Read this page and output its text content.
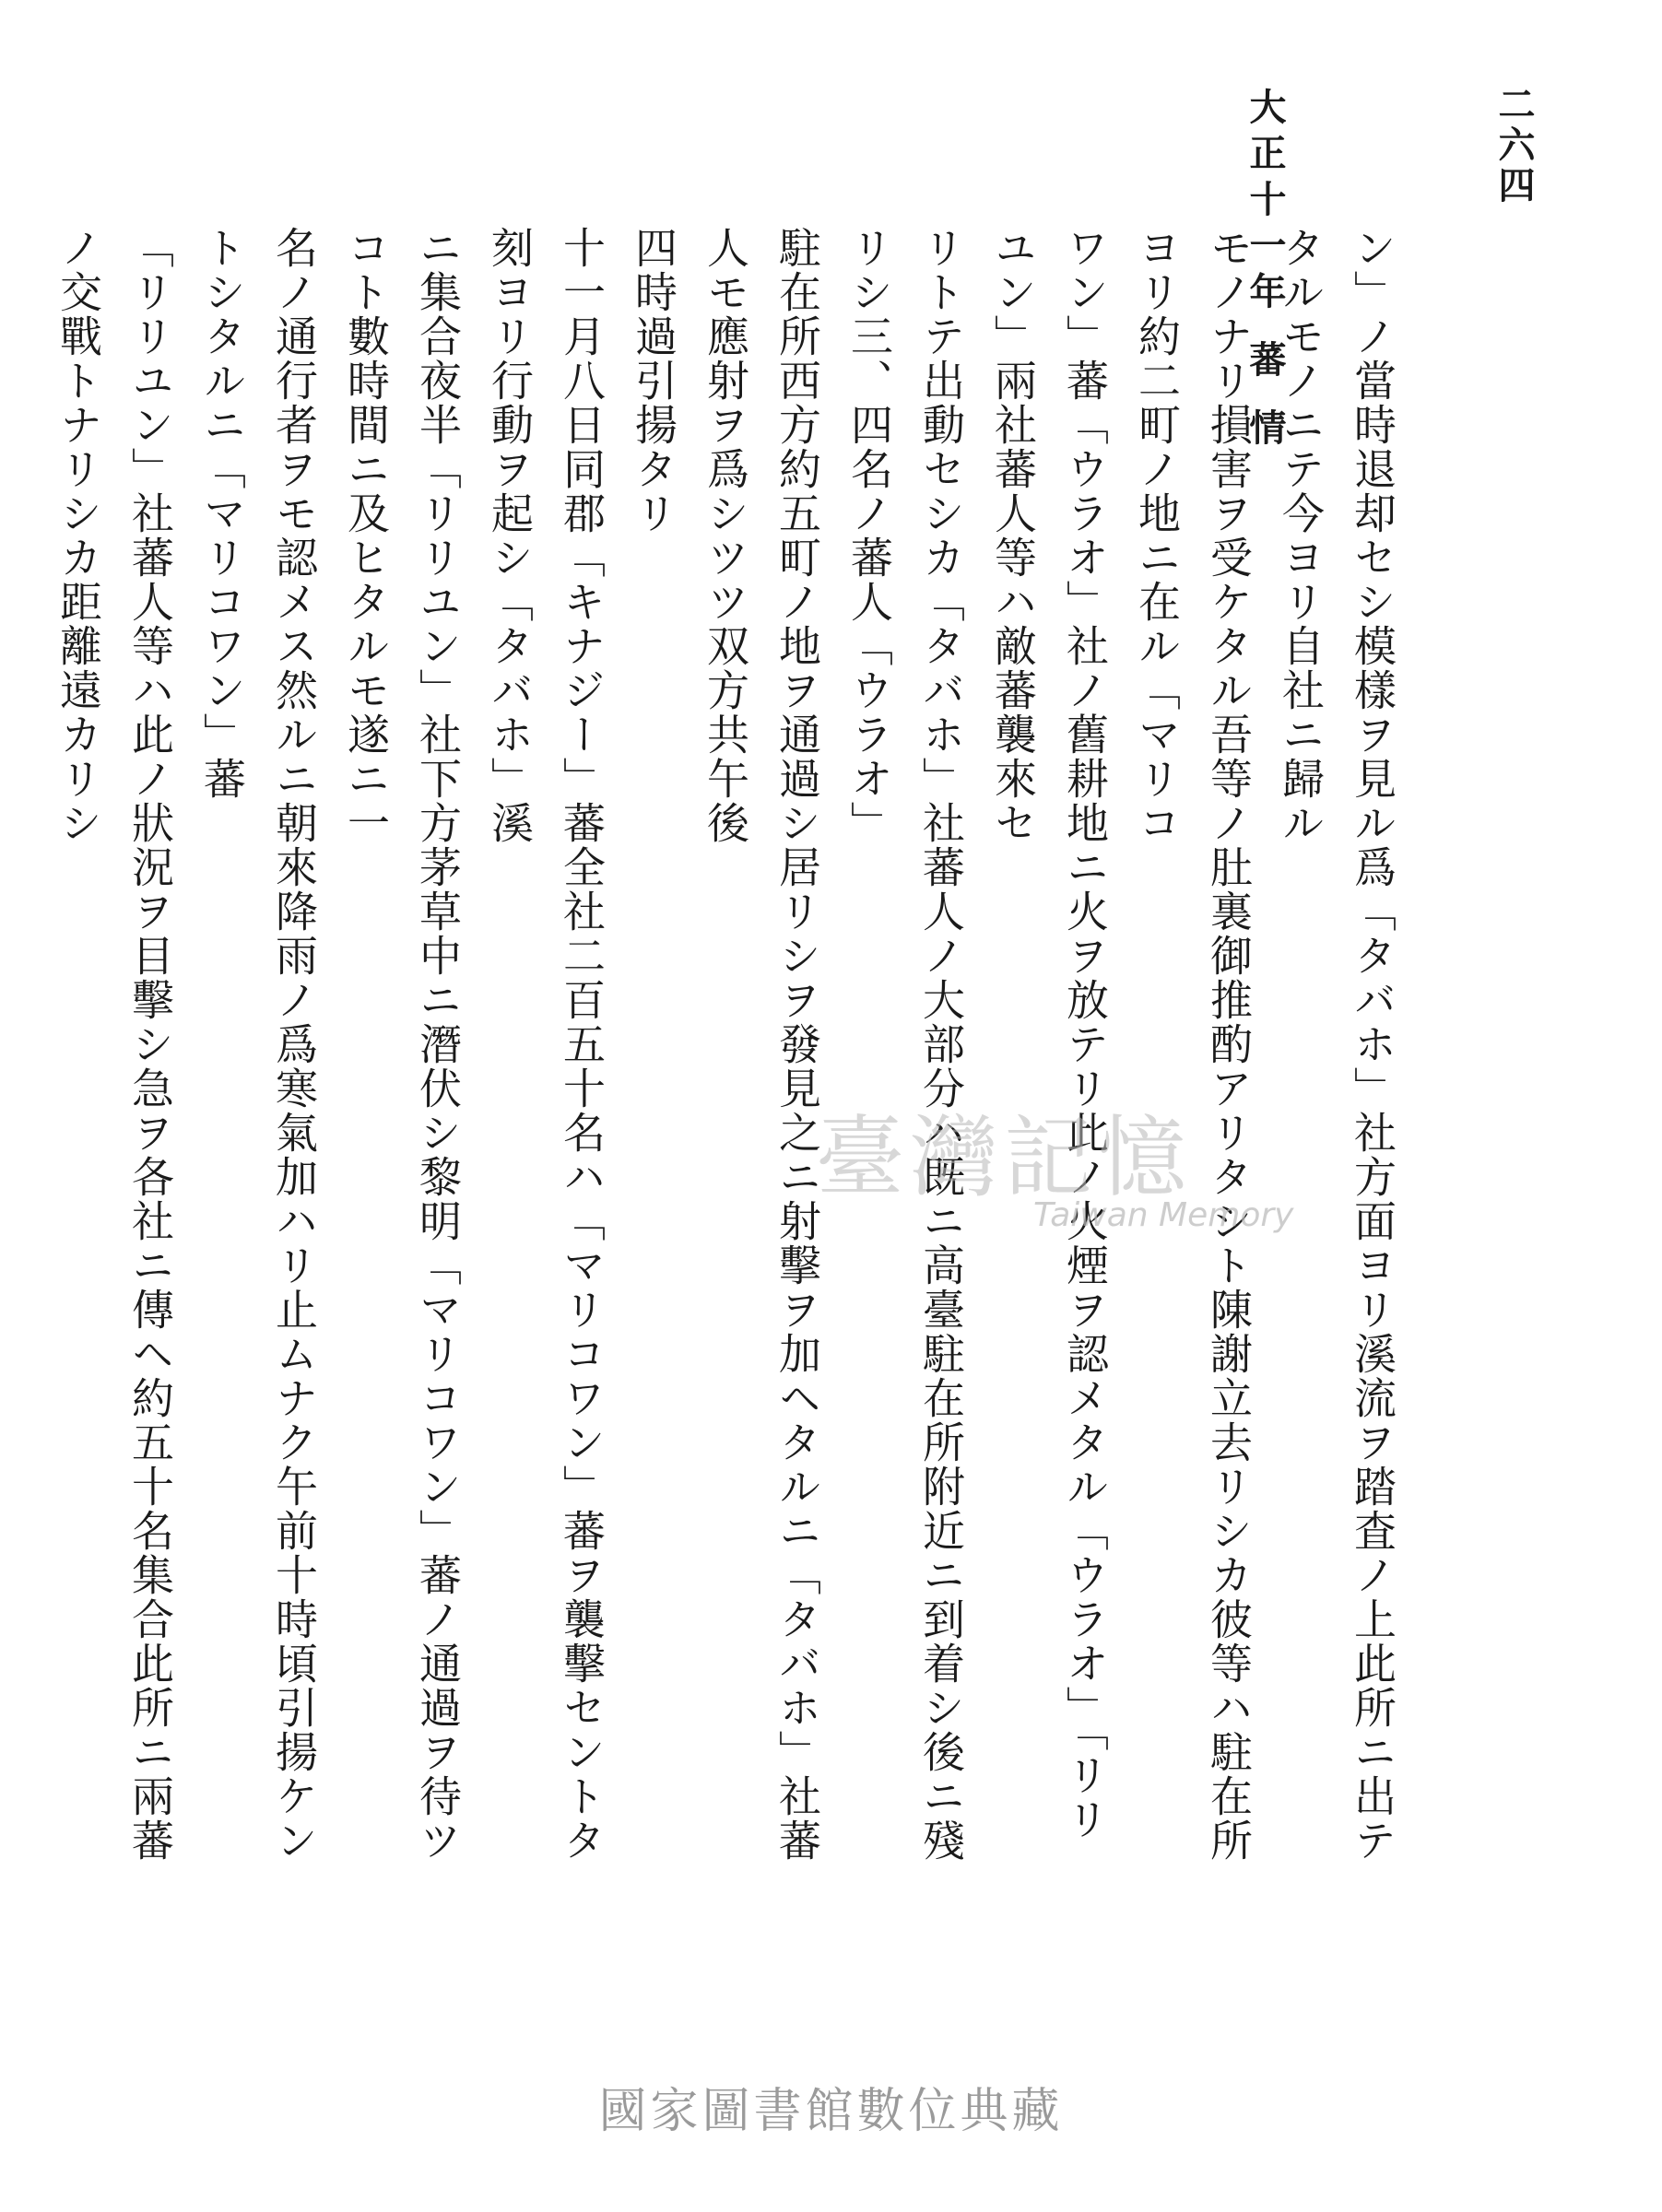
大正十一年 蕃 情	二六四

ン」ノ當時退却セシ模樣ヲ見ル爲「タバホ」社方面ヨリ溪流ヲ踏査ノ上此所ニ出テタルモノニテ今ヨリ自社ニ歸ル

モノナリ損害ヲ受ケタル吾等ノ肚裏御推酌アリタシト陳謝立去リシカ彼等ハ駐在所ヨリ約二町ノ地ニ在ル「マリコ

ワン」蕃「ウラオ」社ノ舊耕地ニ火ヲ放テリ此ノ火煙ヲ認メタル「ウラオ」「リリユン」兩社蕃人等ハ敵蕃襲來セ

リトテ出動セシカ「タバホ」社蕃人ノ大部分ハ既ニ高臺駐在所附近ニ到着シ後ニ殘リシ三、四名ノ蕃人「ウラオ」

駐在所西方約五町ノ地ヲ通過シ居リシヲ發見之ニ射擊ヲ加ヘタルニ「タバホ」社蕃人モ應射ヲ爲シツツ双方共午後

四時過引揚タリ

十一月八日同郡「キナジー」蕃全社二百五十名ハ「マリコワン」蕃ヲ襲擊セントタ刻ヨリ行動ヲ起シ「タバホ」溪

ニ集合夜半「リリユン」社下方茅草中ニ潛伏シ黎明「マリコワン」蕃ノ通過ヲ待ツコト數時間ニ及ヒタルモ遂ニ一

名ノ通行者ヲモ認メス然ルニ朝來降雨ノ爲寒氣加ハリ止ムナク午前十時頃引揚ケントシタルニ「マリコワン」蕃

「リリユン」社蕃人等ハ此ノ狀況ヲ目擊シ急ヲ各社ニ傳ヘ約五十名集合此所ニ兩蕃ノ交戰トナリシカ距離遠カリシ

臺灣記憶
Taiwan Memory
國家圖書館數位典藏
